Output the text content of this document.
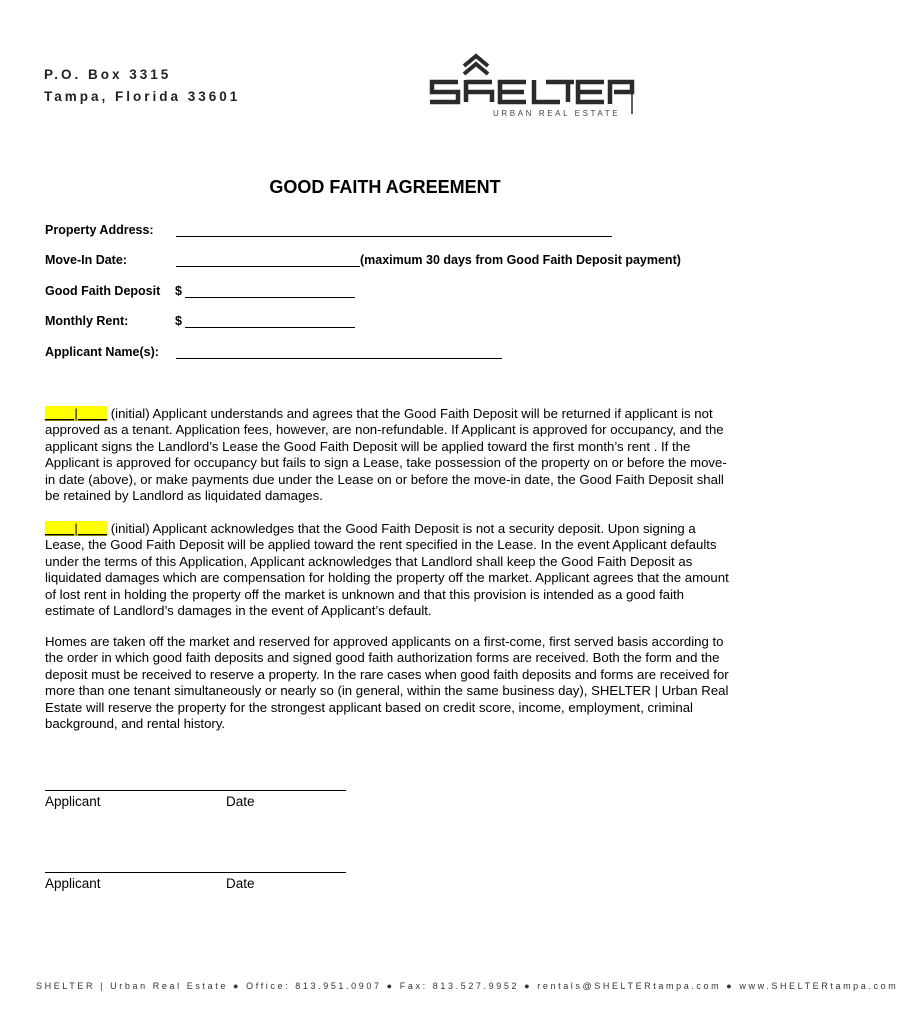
P.O. Box 3315
Tampa, Florida 33601
URBAN REAL ESTATE
GOOD FAITH AGREEMENT
Property Address:
Move-In Date:	(maximum 30 days from Good Faith Deposit payment)
Good Faith Deposit $
Monthly Rent:	$
Applicant Name(s):

____|____ (initial) Applicant understands and agrees that the Good Faith Deposit will be returned if applicant is not approved as a tenant. Application fees, however, are non-refundable. If Applicant is approved for occupancy, and the applicant signs the Landlord’s Lease the Good Faith Deposit will be applied toward the first month’s rent . If the Applicant is approved for occupancy but fails to sign a Lease, take possession of the property on or before the move-in date (above), or make payments due under the Lease on or before the move-in date, the Good Faith Deposit shall be retained by Landlord as liquidated damages.

____|____ (initial) Applicant acknowledges that the Good Faith Deposit is not a security deposit. Upon signing a Lease, the Good Faith Deposit will be applied toward the rent specified in the Lease. In the event Applicant defaults under the terms of this Application, Applicant acknowledges that Landlord shall keep the Good Faith Deposit as liquidated damages which are compensation for holding the property off the market. Applicant agrees that the amount of lost rent in holding the property off the market is unknown and that this provision is intended as a good faith estimate of Landlord’s damages in the event of Applicant’s default.

Homes are taken off the market and reserved for approved applicants on a first-come, first served basis according to the order in which good faith deposits and signed good faith authorization forms are received. Both the form and the deposit must be received to reserve a property. In the rare cases when good faith deposits and forms are received for more than one tenant simultaneously or nearly so (in general, within the same business day), SHELTER | Urban Real Estate will reserve the property for the strongest applicant based on credit score, income, employment, criminal background, and rental history.

Applicant	Date
Applicant	Date
SHELTER | Urban Real Estate ● Office: 813.951.0907 ● Fax: 813.527.9952 ● rentals@SHELTERtampa.com ● www.SHELTERtampa.com
